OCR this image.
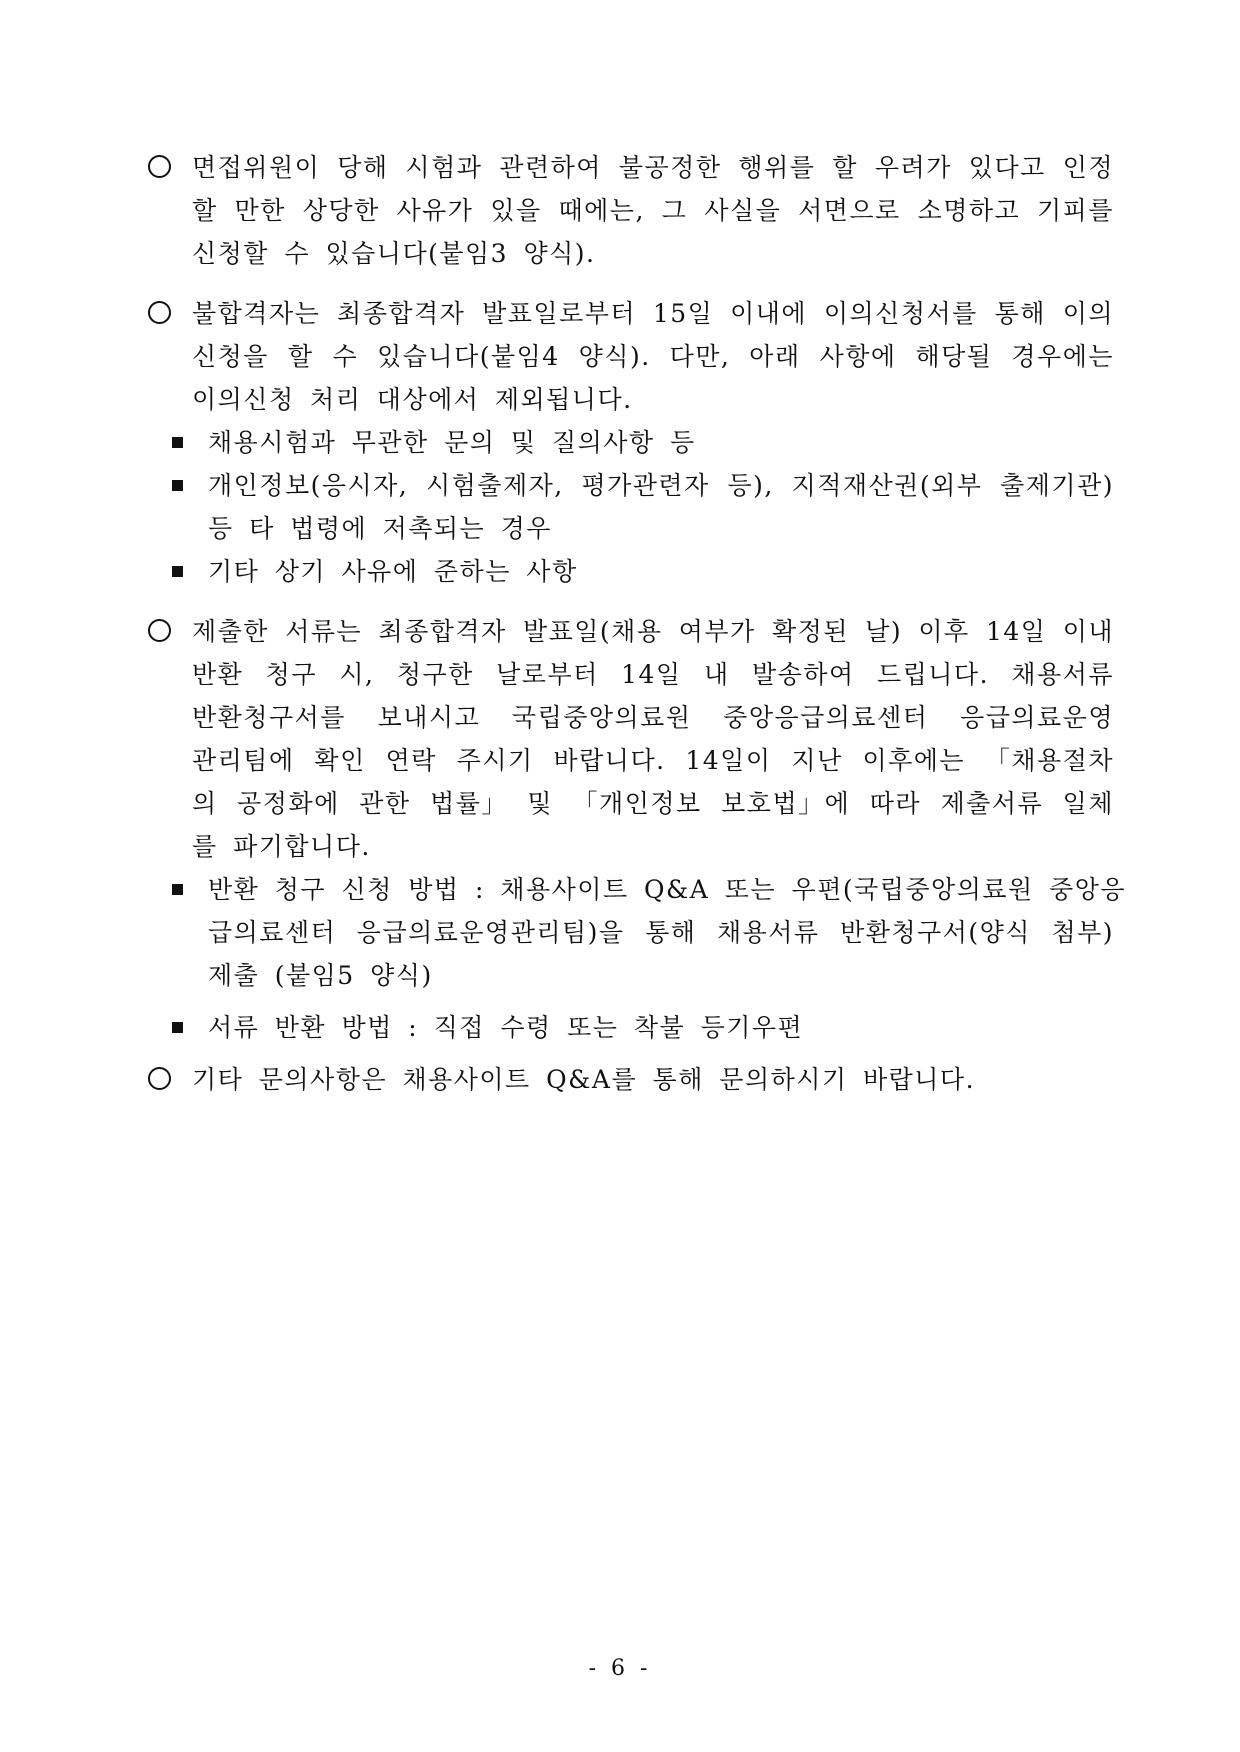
면접위원이 당해 시험과 관련하여 불공정한 행위를 할 우려가 있다고 인정
할 만한 상당한 사유가 있을 때에는, 그 사실을 서면으로 소명하고 기피를
신청할 수 있습니다(붙임3 양식).
불합격자는 최종합격자 발표일로부터 15일 이내에 이의신청서를 통해 이의
신청을 할 수 있습니다(붙임4 양식). 다만, 아래 사항에 해당될 경우에는
이의신청 처리 대상에서 제외됩니다.
채용시험과 무관한 문의 및 질의사항 등
개인정보(응시자, 시험출제자, 평가관련자 등), 지적재산권(외부 출제기관)
등 타 법령에 저촉되는 경우
기타 상기 사유에 준하는 사항
제출한 서류는 최종합격자 발표일(채용 여부가 확정된 날) 이후 14일 이내
반환 청구 시, 청구한 날로부터 14일 내 발송하여 드립니다. 채용서류
반환청구서를 보내시고 국립중앙의료원 중앙응급의료센터 응급의료운영
관리팀에 확인 연락 주시기 바랍니다. 14일이 지난 이후에는 「채용절차
의 공정화에 관한 법률」 및 「개인정보 보호법」에 따라 제출서류 일체
를 파기합니다.
반환 청구 신청 방법 : 채용사이트 Q&A 또는 우편(국립중앙의료원 중앙응
급의료센터 응급의료운영관리팀)을 통해 채용서류 반환청구서(양식 첨부)
제출 (붙임5 양식)
서류 반환 방법 : 직접 수령 또는 착불 등기우편
기타 문의사항은 채용사이트 Q&A를 통해 문의하시기 바랍니다.
- 6 -
